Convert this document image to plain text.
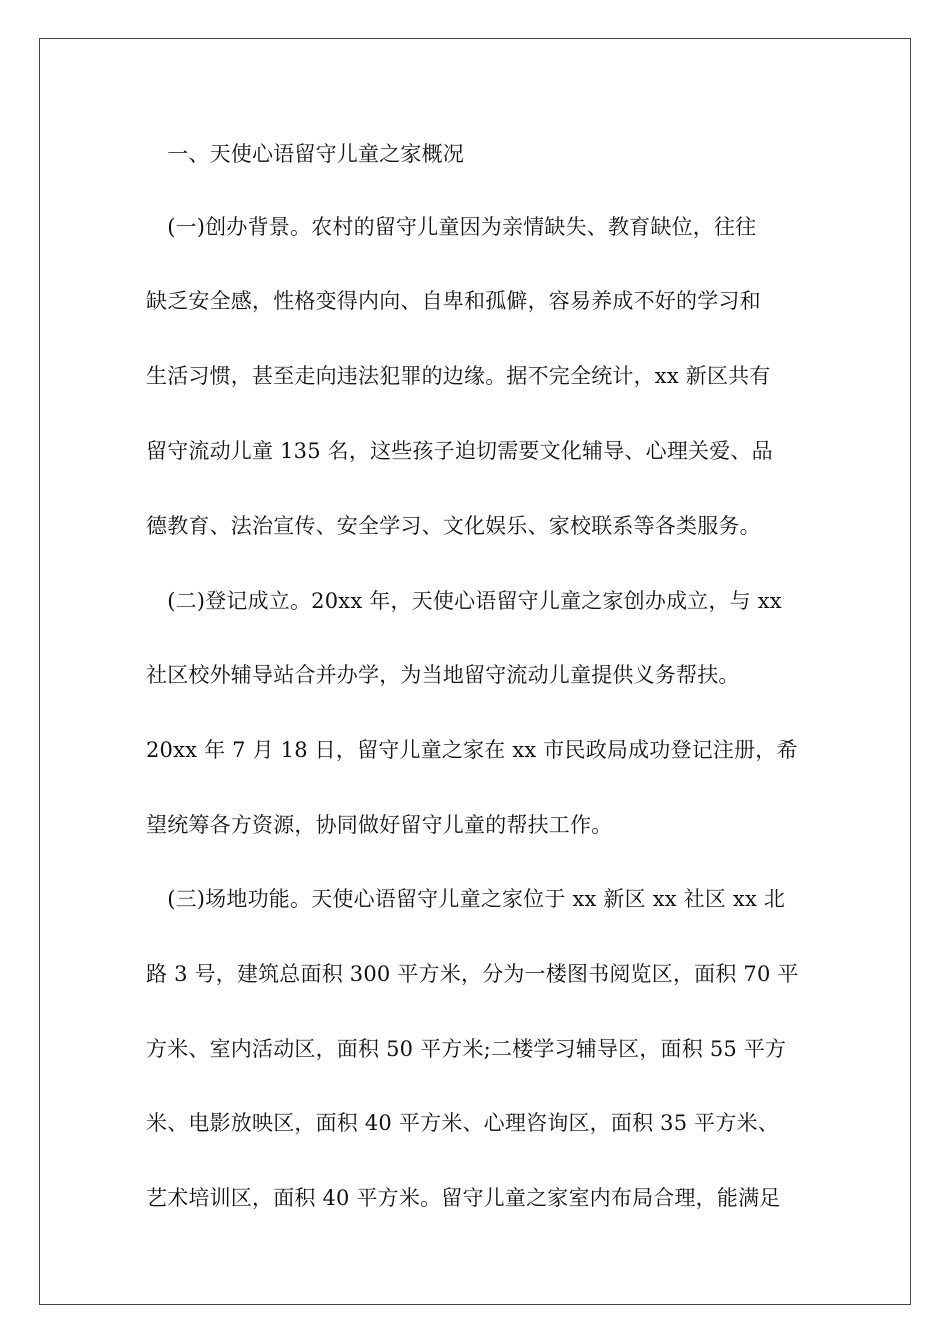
　一、天使心语留守儿童之家概况
　(一)创办背景。农村的留守儿童因为亲情缺失、教育缺位，往往
缺乏安全感，性格变得内向、自卑和孤僻，容易养成不好的学习和
生活习惯，甚至走向违法犯罪的边缘。据不完全统计，xx 新区共有
留守流动儿童 135 名，这些孩子迫切需要文化辅导、心理关爱、品
德教育、法治宣传、安全学习、文化娱乐、家校联系等各类服务。
　(二)登记成立。20xx 年，天使心语留守儿童之家创办成立，与 xx
社区校外辅导站合并办学，为当地留守流动儿童提供义务帮扶。
20xx 年 7 月 18 日，留守儿童之家在 xx 市民政局成功登记注册，希
望统筹各方资源，协同做好留守儿童的帮扶工作。
　(三)场地功能。天使心语留守儿童之家位于 xx 新区 xx 社区 xx 北
路 3 号，建筑总面积 300 平方米，分为一楼图书阅览区，面积 70 平
方米、室内活动区，面积 50 平方米;二楼学习辅导区，面积 55 平方
米、电影放映区，面积 40 平方米、心理咨询区，面积 35 平方米、
艺术培训区，面积 40 平方米。留守儿童之家室内布局合理，能满足
